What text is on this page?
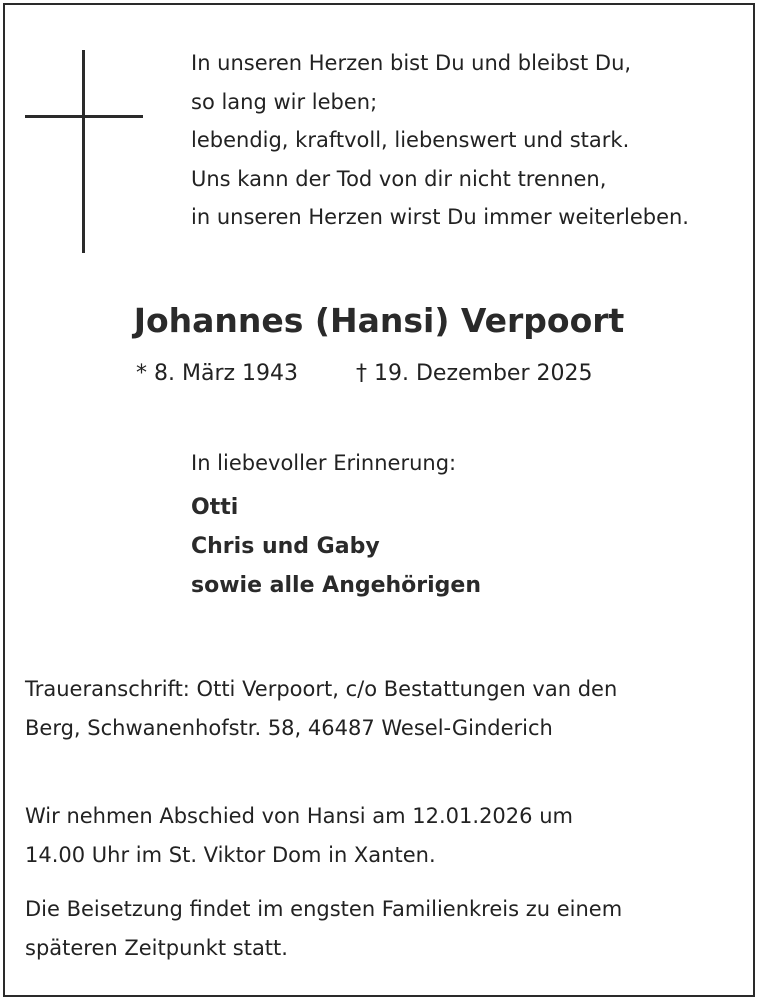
In unseren Herzen bist Du und bleibst Du,
so lang wir leben;
lebendig, kraftvoll, liebenswert und stark.
Uns kann der Tod von dir nicht trennen,
in unseren Herzen wirst Du immer weiterleben.
Johannes (Hansi) Verpoort
* 8. März 1943	† 19. Dezember 2025
In liebevoller Erinnerung:
Otti
Chris und Gaby
sowie alle Angehörigen
Traueranschrift: Otti Verpoort, c/o Bestattungen van den
Berg, Schwanenhofstr. 58, 46487 Wesel-Ginderich
Wir nehmen Abschied von Hansi am 12.01.2026 um
14.00 Uhr im St. Viktor Dom in Xanten.
Die Beisetzung findet im engsten Familienkreis zu einem
späteren Zeitpunkt statt.
